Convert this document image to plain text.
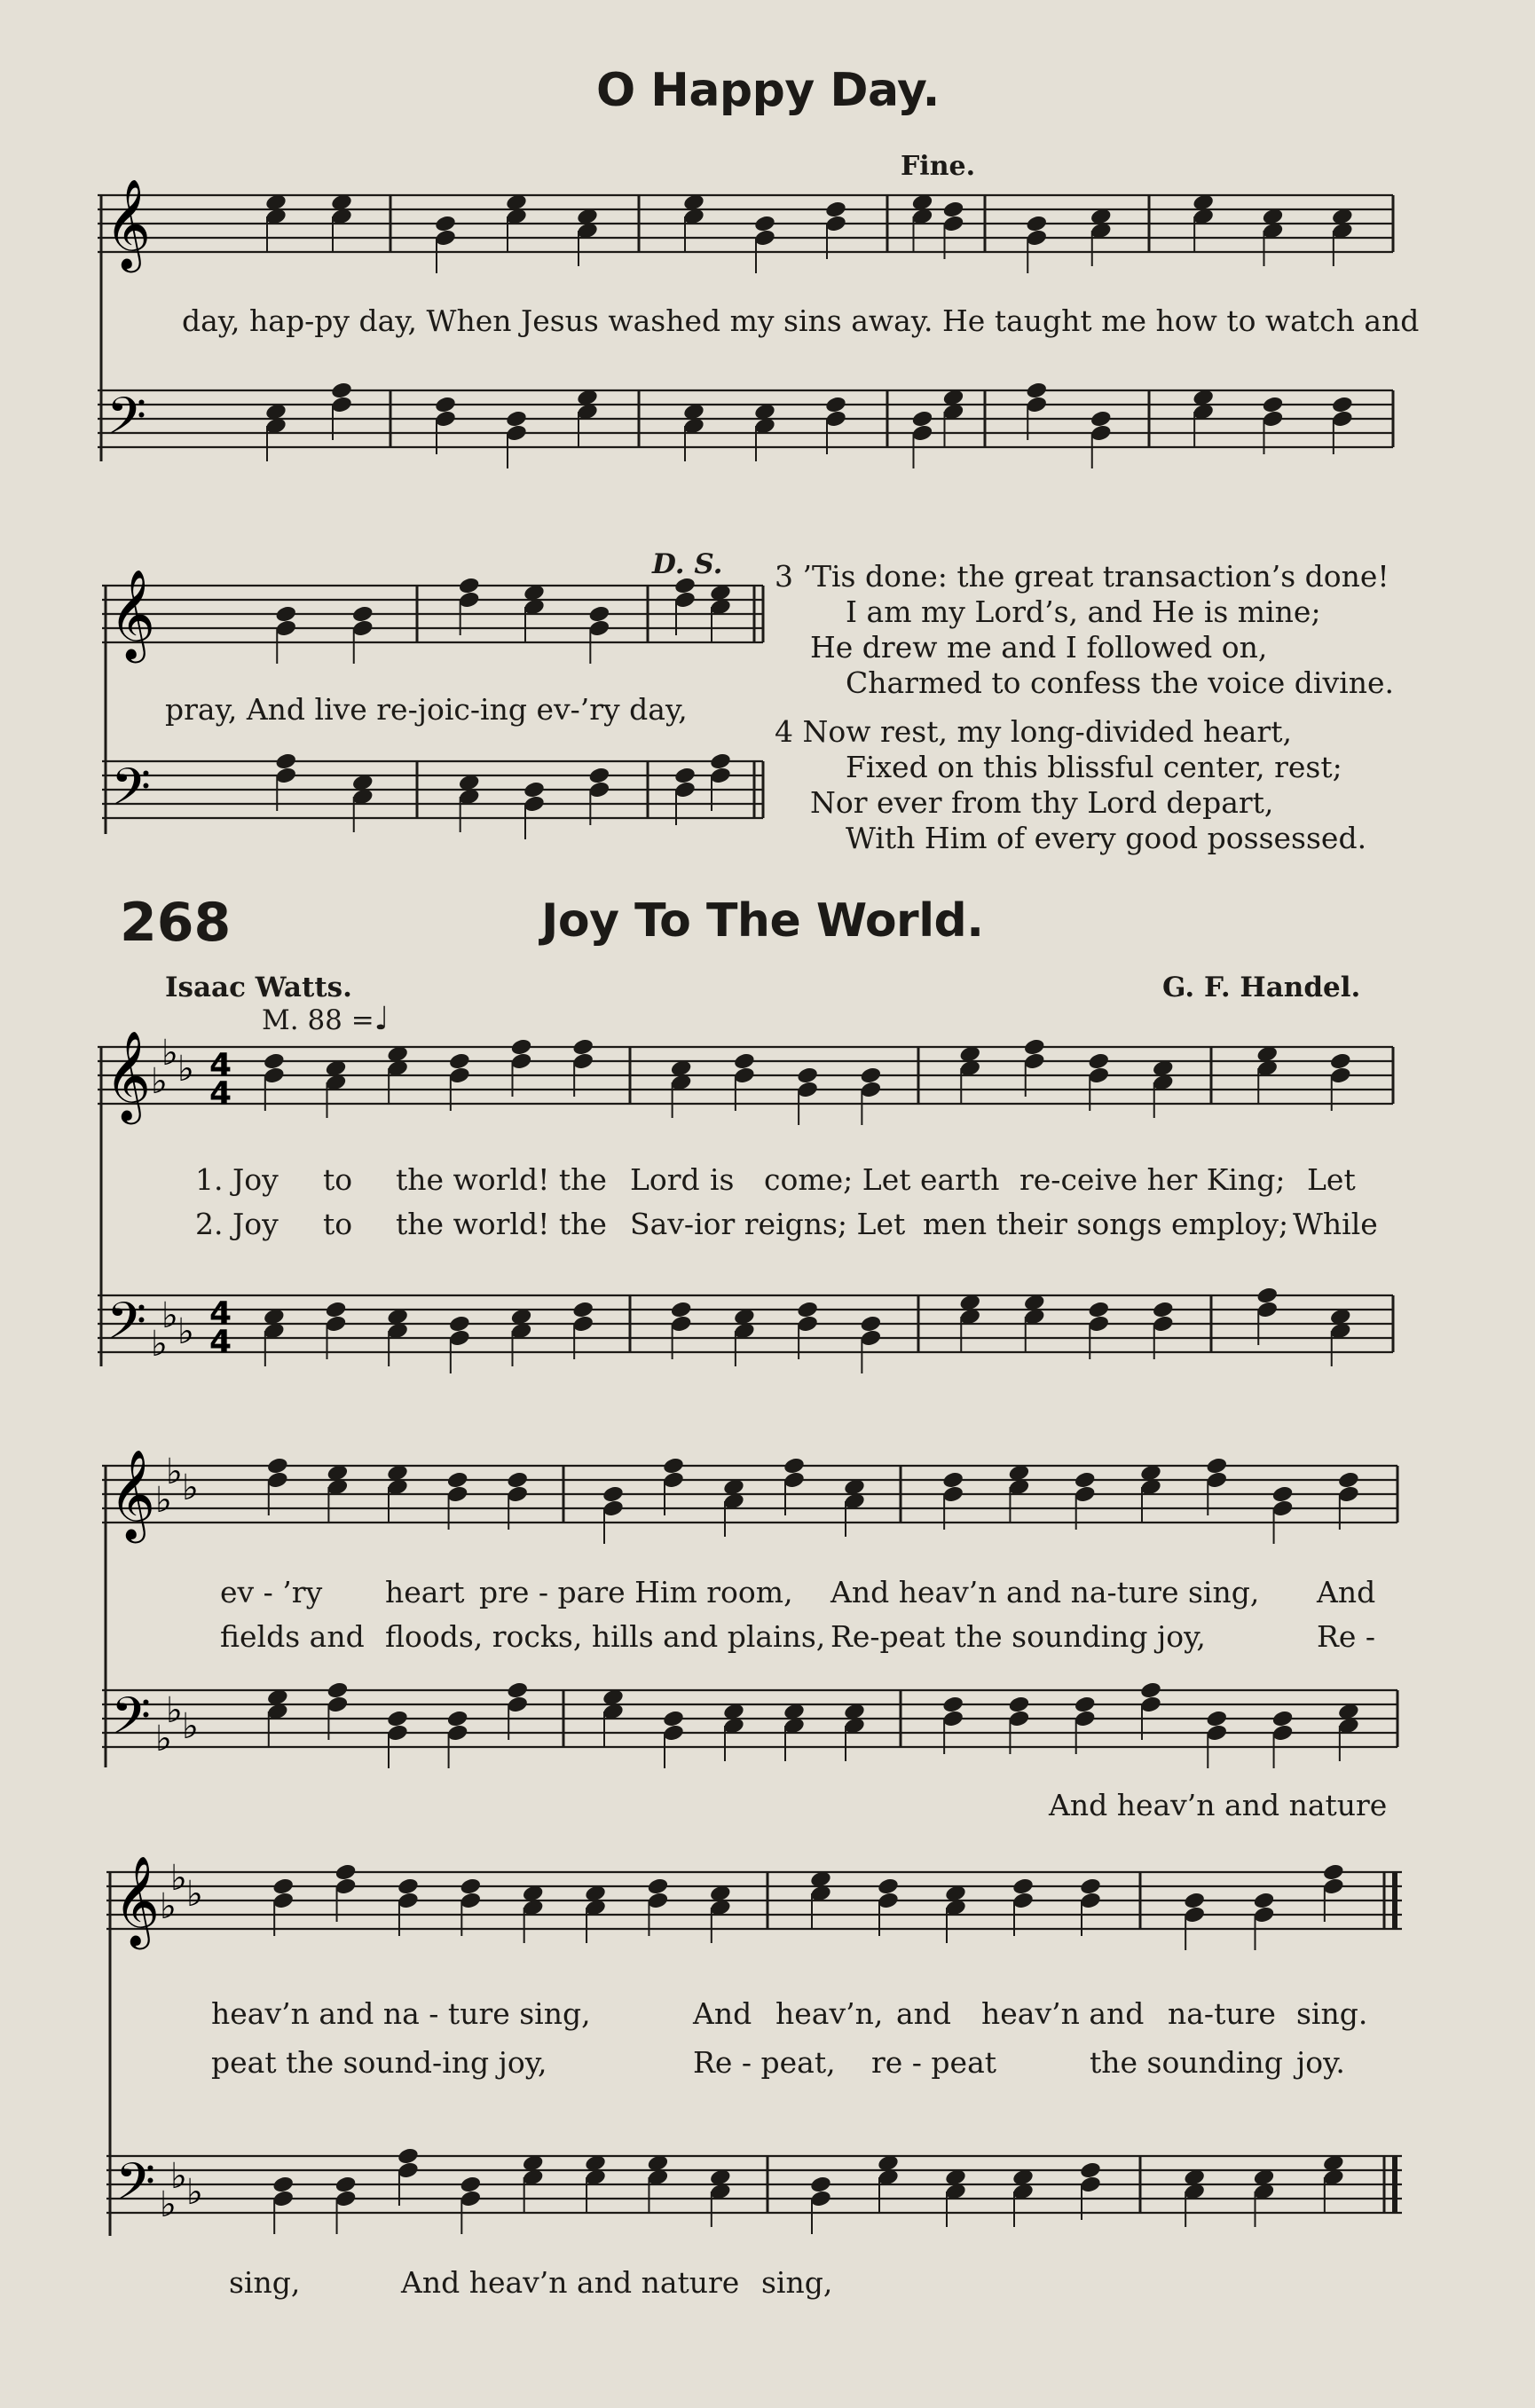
O Happy Day.
Fine.
𝄞
day, hap-py day, When Jesus washed my sins away. He taught me how to watch and
𝄢
D. S.
𝄞
pray, And live re-joic-ing ev-’ry day,
𝄢
3 ’Tis done: the great transaction’s done!
I am my Lord’s, and He is mine;
He drew me and I followed on,
Charmed to confess the voice divine.
4 Now rest, my long-divided heart,
Fixed on this blissful center, rest;
Nor ever from thy Lord depart,
With Him of every good possessed.
268	Joy To The World.
Isaac Watts.	G. F. Handel.
M. 88 =♩
𝄞 ♭ ♭
♭ 4
4
1. Joy to the world! the Lord is come; Let earth re-ceive her King; Let
2. Joy to the world! the Sav-ior reigns; Let men their songs employ; While
𝄢 ♭ ♭
♭
4
4
𝄞 ♭ ♭
♭
ev - ’ry heart pre - pare Him room, And heav’n and na-ture sing, And
fields and floods, rocks, hills and plains, Re-peat the sounding joy,	Re -
𝄢 ♭ ♭
♭
And heav’n and nature
𝄞 ♭ ♭
♭
heav’n and na - ture sing,	And heav’n, and heav’n and na-ture sing.
peat the sound-ing joy,	Re - peat, re - peat	the sounding joy.
𝄢 ♭ ♭
♭
sing,	And heav’n and nature sing,
